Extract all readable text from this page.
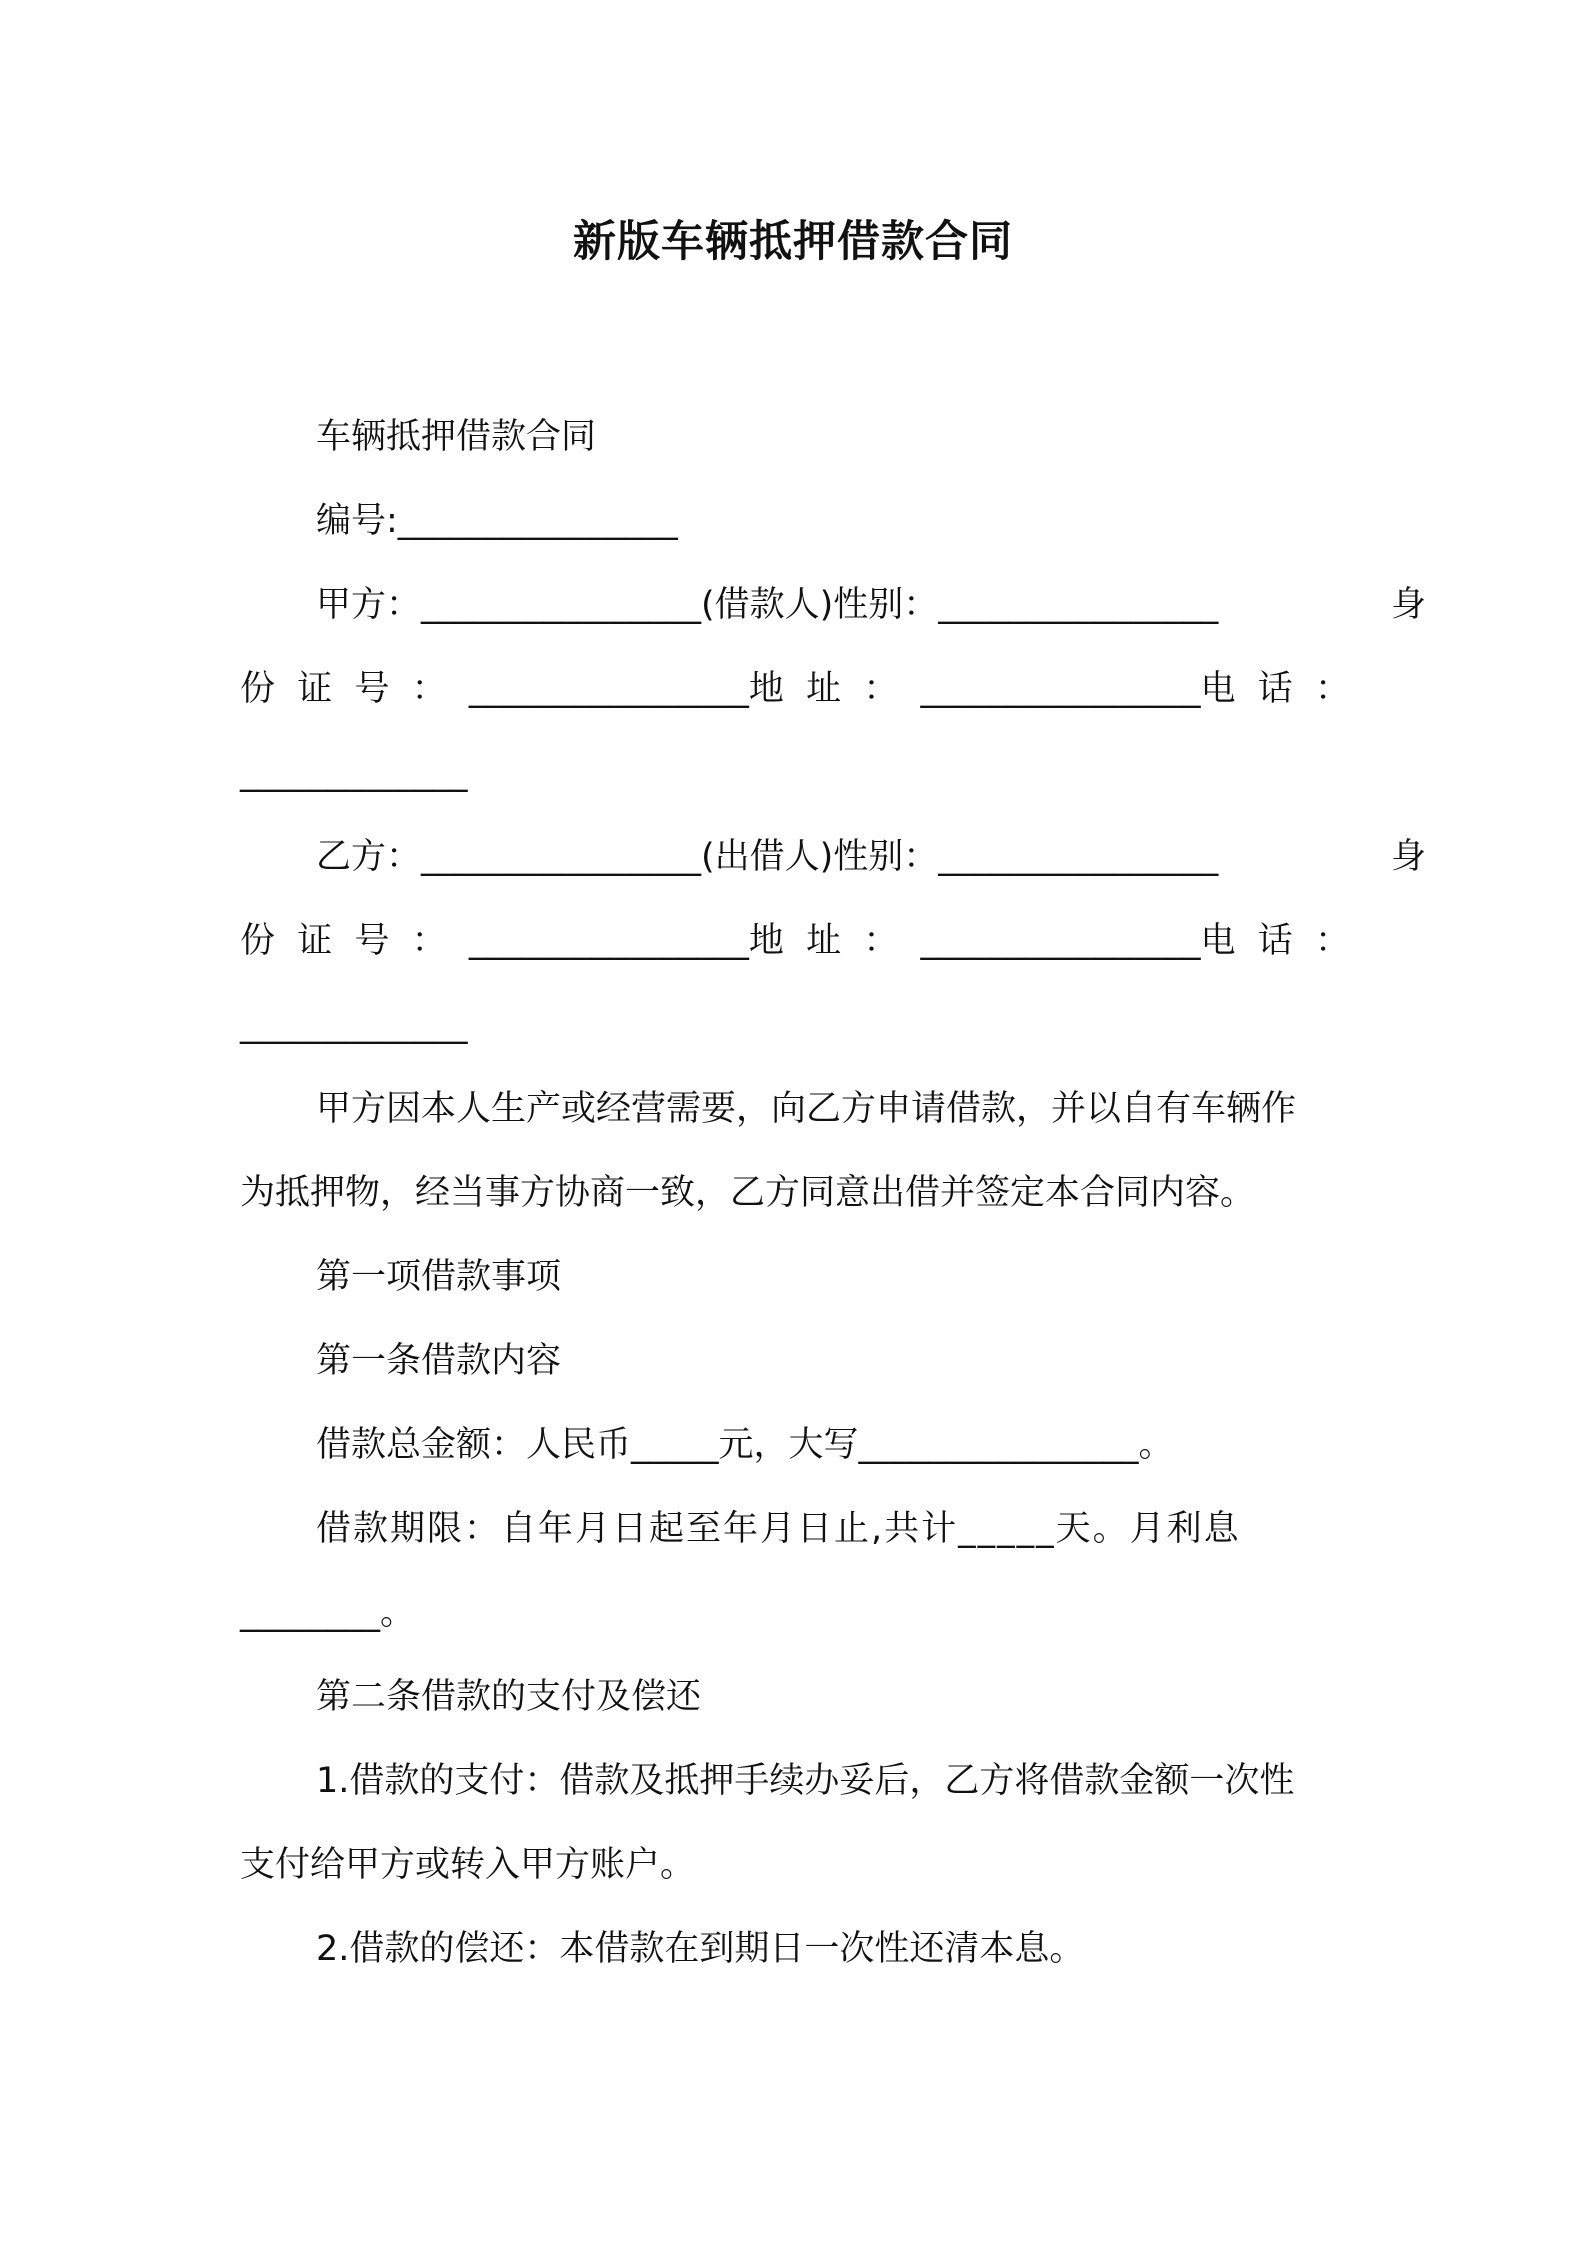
新版车辆抵押借款合同
车辆抵押借款合同
编号:________________
甲方：________________(借款人)性别：________________	身
份 证 号 ： ________________地 址 ： ________________电 话 ：
_____________
乙方：________________(出借人)性别：________________	身
份 证 号 ： ________________地 址 ： ________________电 话 ：
_____________
甲方因本人生产或经营需要，向乙方申请借款，并以自有车辆作
为抵押物，经当事方协商一致，乙方同意出借并签定本合同内容。
第一项借款事项
第一条借款内容
借款总金额：人民币_____元，大写________________。
借款期限：自年月日起至年月日止,共计_____天。月利息
________。
第二条借款的支付及偿还
1.借款的支付：借款及抵押手续办妥后，乙方将借款金额一次性
支付给甲方或转入甲方账户。
2.借款的偿还：本借款在到期日一次性还清本息。
